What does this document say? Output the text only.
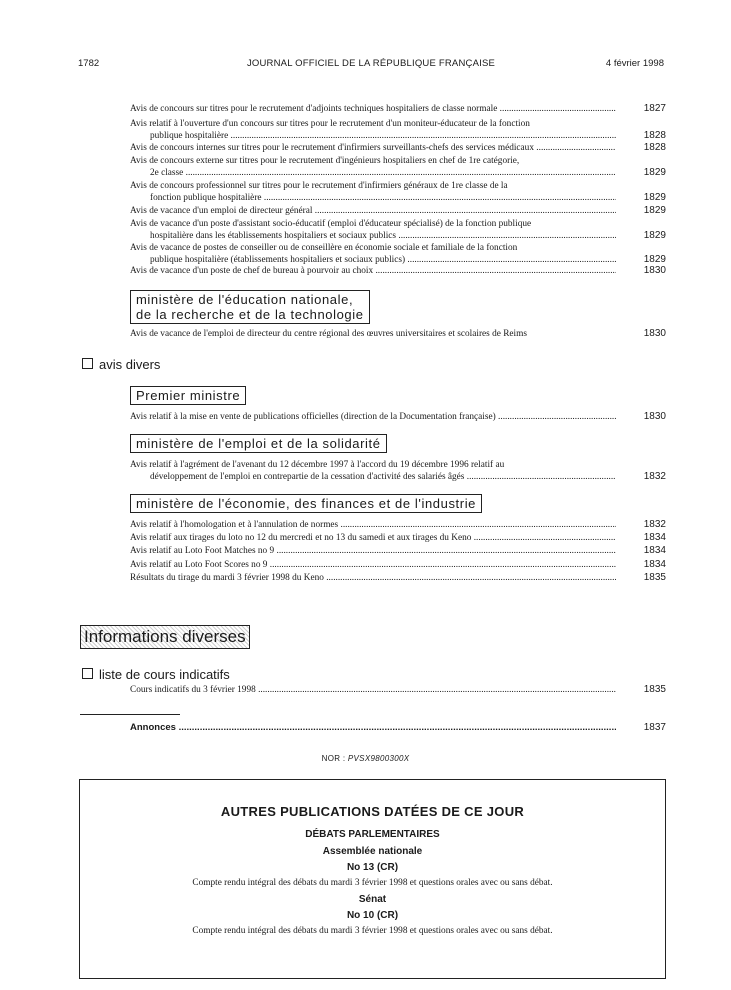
1782	JOURNAL OFFICIEL DE LA RÉPUBLIQUE FRANÇAISE	4 février 1998
Avis de concours sur titres pour le recrutement d'adjoints techniques hospitaliers de classe normale .....	1827
Avis relatif à l'ouverture d'un concours sur titres pour le recrutement d'un moniteur-éducateur de la fonction
publique hospitalière .....	1828
Avis de concours internes sur titres pour le recrutement d'infirmiers surveillants-chefs des services médicaux .....	1828
Avis de concours externe sur titres pour le recrutement d'ingénieurs hospitaliers en chef de 1re catégorie,
2e classe .....	1829
Avis de concours professionnel sur titres pour le recrutement d'infirmiers généraux de 1re classe de la
fonction publique hospitalière .....	1829
Avis de vacance d'un emploi de directeur général .....	1829
Avis de vacance d'un poste d'assistant socio-éducatif (emploi d'éducateur spécialisé) de la fonction publique
hospitalière dans les établissements hospitaliers et sociaux publics .....	1829
Avis de vacance de postes de conseiller ou de conseillère en économie sociale et familiale de la fonction
publique hospitalière (établissements hospitaliers et sociaux publics) .....	1829
Avis de vacance d'un poste de chef de bureau à pourvoir au choix .....	1830
ministère de l'éducation nationale,
de la recherche et de la technologie
Avis de vacance de l'emploi de directeur du centre régional des œuvres universitaires et scolaires de Reims	1830
avis divers
Premier ministre
Avis relatif à la mise en vente de publications officielles (direction de la Documentation française) .....	1830
ministère de l'emploi et de la solidarité
Avis relatif à l'agrément de l'avenant du 12 décembre 1997 à l'accord du 19 décembre 1996 relatif au
développement de l'emploi en contrepartie de la cessation d'activité des salariés âgés .....	1832
ministère de l'économie, des finances et de l'industrie
Avis relatif à l'homologation et à l'annulation de normes .....	1832
Avis relatif aux tirages du loto no 12 du mercredi et no 13 du samedi et aux tirages du Keno .....	1834
Avis relatif au Loto Foot Matches no 9 .....	1834
Avis relatif au Loto Foot Scores no 9 .....	1834
Résultats du tirage du mardi 3 février 1998 du Keno .....	1835
Informations diverses
liste de cours indicatifs
Cours indicatifs du 3 février 1998 .....	1835
Annonces .....	1837
NOR : PVSX9800300X
AUTRES PUBLICATIONS DATÉES DE CE JOUR
DÉBATS PARLEMENTAIRES
Assemblée nationale
No 13 (CR)
Compte rendu intégral des débats du mardi 3 février 1998 et questions orales avec ou sans débat.
Sénat
No 10 (CR)
Compte rendu intégral des débats du mardi 3 février 1998 et questions orales avec ou sans débat.
